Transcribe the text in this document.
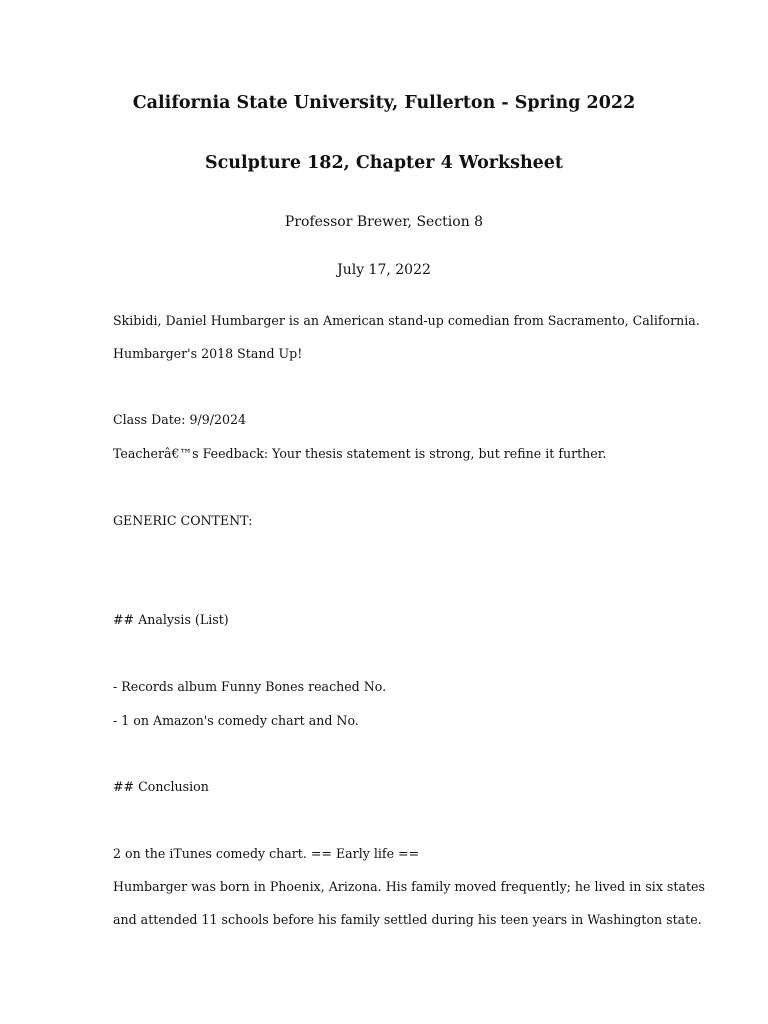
California State University, Fullerton - Spring 2022
Sculpture 182, Chapter 4 Worksheet
Professor Brewer, Section 8
July 17, 2022
Skibidi, Daniel Humbarger is an American stand-up comedian from Sacramento, California.
Humbarger's 2018 Stand Up!
Class Date: 9/9/2024
Teacherâ€™s Feedback: Your thesis statement is strong, but refine it further.
GENERIC CONTENT:
## Analysis (List)
- Records album Funny Bones reached No.
- 1 on Amazon's comedy chart and No.
## Conclusion
2 on the iTunes comedy chart. == Early life ==
Humbarger was born in Phoenix, Arizona. His family moved frequently; he lived in six states
and attended 11 schools before his family settled during his teen years in Washington state.
